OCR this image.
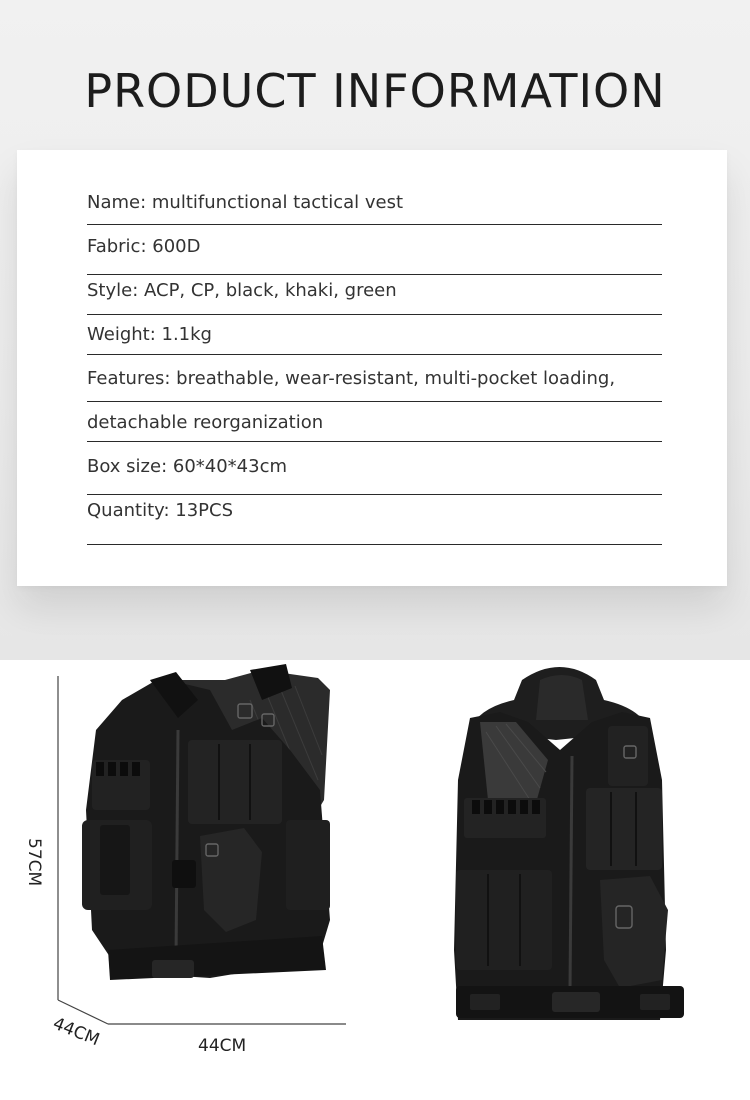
PRODUCT INFORMATION
Name: multifunctional tactical vest
Fabric: 600D
Style: ACP, CP, black, khaki, green
Weight: 1.1kg
Features: breathable, wear-resistant, multi-pocket loading,
detachable reorganization
Box size: 60*40*43cm
Quantity: 13PCS
57CM
44CM	44CM
